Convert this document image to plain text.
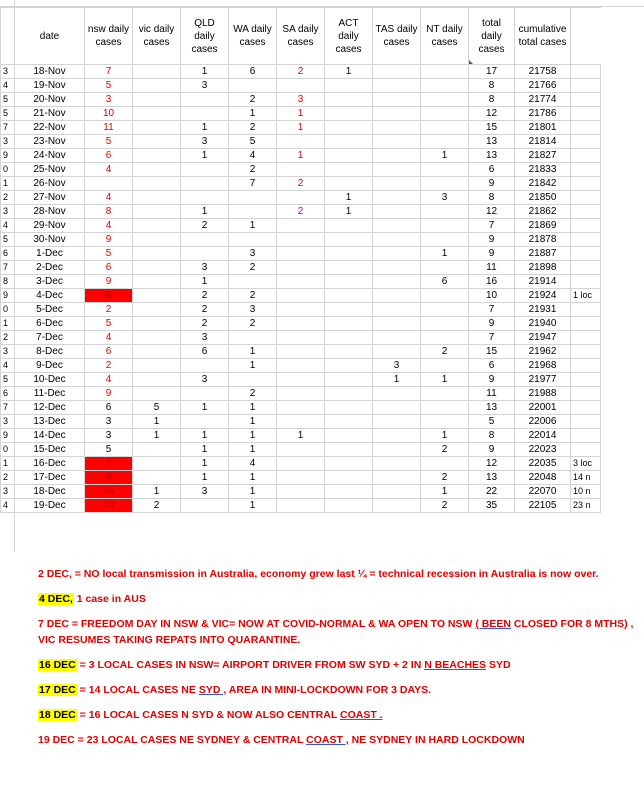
	date	nsw daily cases	vic daily cases	QLD daily cases	WA daily cases	SA daily cases	ACT daily cases	TAS daily cases	NT daily cases	total daily cases	cumulative total cases	
3	18-Nov	7		1	6	2	1			17	21758	
4	19-Nov	5		3						8	21766	
5	20-Nov	3			2	3				8	21774	
5	21-Nov	10			1	1				12	21786	
7	22-Nov	11		1	2	1				15	21801	
3	23-Nov	5		3	5					13	21814	
9	24-Nov	6		1	4	1			1	13	21827	
0	25-Nov	4			2					6	21833	
1	26-Nov				7	2				9	21842	
2	27-Nov	4					1		3	8	21850	
3	28-Nov	8		1		2	1			12	21862	
4	29-Nov	4		2	1					7	21869	
5	30-Nov	9								9	21878	
6	1-Dec	5			3				1	9	21887	
7	2-Dec	6		3	2					11	21898	
8	3-Dec	9		1					6	16	21914	
9	4-Dec	6		2	2					10	21924	1 loc
0	5-Dec	2		2	3					7	21931	
1	6-Dec	5		2	2					9	21940	
2	7-Dec	4		3						7	21947	
3	8-Dec	6		6	1				2	15	21962	
4	9-Dec	2			1			3		6	21968	
5	10-Dec	4		3				1	1	9	21977	
6	11-Dec	9			2					11	21988	
7	12-Dec	6	5	1	1					13	22001	
3	13-Dec	3	1		1					5	22006	
9	14-Dec	3	1	1	1	1			1	8	22014	
0	15-Dec	5		1	1				2	9	22023	
1	16-Dec	7		1	4					12	22035	3 loc
2	17-Dec	9		1	1				2	13	22048	14 n
3	18-Dec	16	1	3	1				1	22	22070	10 n
4	19-Dec	30	2		1				2	35	22105	23 n

2 DEC, = NO local transmission in Australia, economy grew last ¼ = technical recession in Australia is now over.

4 DEC, 1 case in AUS

7 DEC = FREEDOM DAY IN NSW & VIC= NOW AT COVID-NORMAL & WA OPEN TO NSW ( BEEN CLOSED FOR 8 MTHS) , VIC RESUMES TAKING REPATS INTO QUARANTINE.

16 DEC = 3 LOCAL CASES IN NSW= AIRPORT DRIVER FROM SW SYD + 2 IN N BEACHES SYD

17 DEC = 14 LOCAL CASES NE SYD , AREA IN MINI-LOCKDOWN FOR 3 DAYS.

18 DEC = 16 LOCAL CASES N SYD & NOW ALSO CENTRAL COAST .

19 DEC = 23 LOCAL CASES NE SYDNEY & CENTRAL COAST , NE SYDNEY IN HARD LOCKDOWN
